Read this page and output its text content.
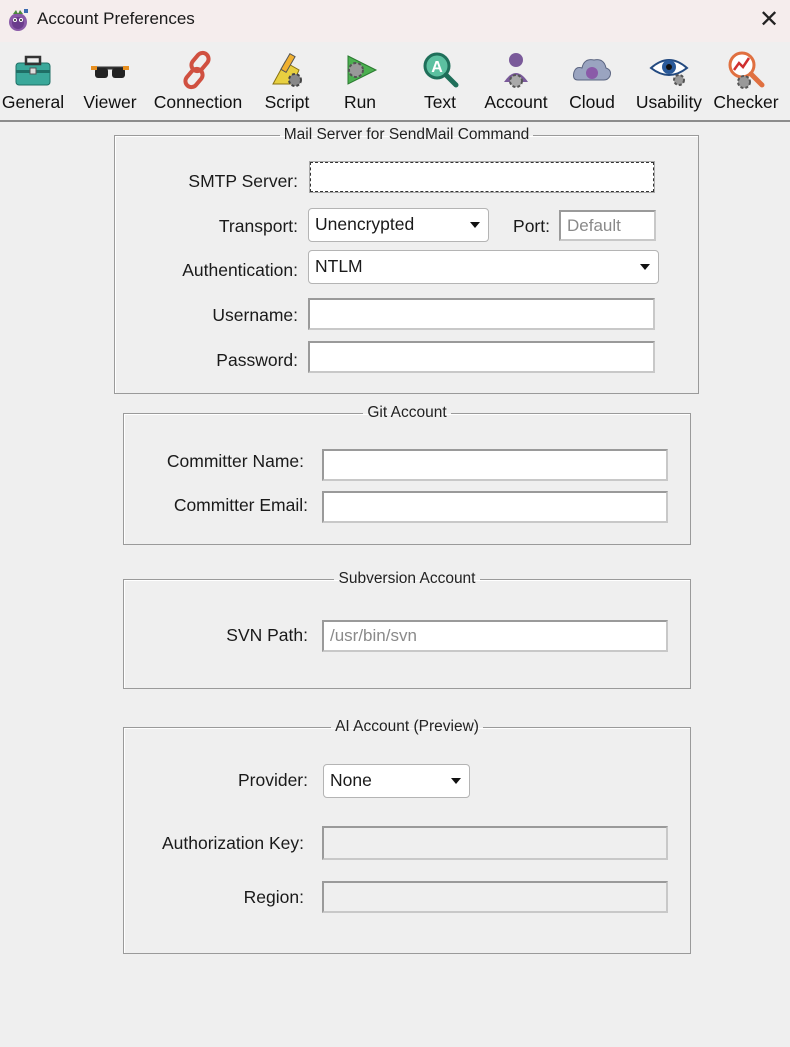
Account Preferences	✕
General	Viewer Connection	Script	Run
A
Text	Account Cloud Usability Checker
Mail Server for SendMail Command
SMTP Server:
Transport: Unencrypted	Port:
Default
Authentication: NTLM
Username:
Password:
Git Account
Committer Name:
Committer Email:
Subversion Account
SVN Path:
/usr/bin/svn
AI Account (Preview)
Provider:	None
Authorization Key:
Region:
